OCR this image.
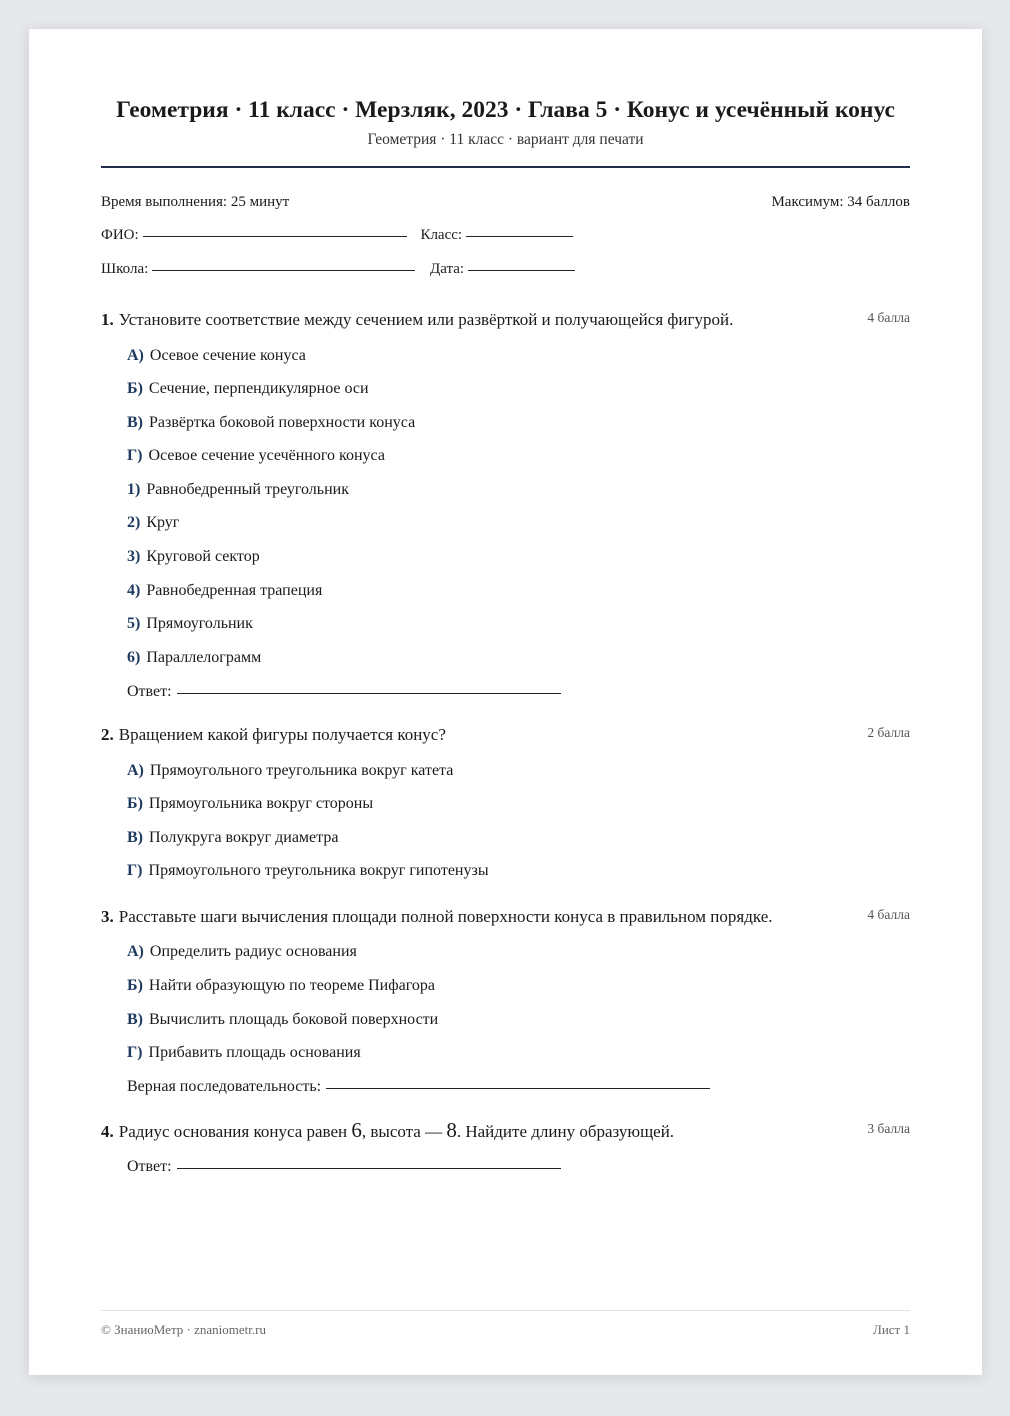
Геометрия · 11 класс · Мерзляк, 2023 · Глава 5 · Конус и усечённый конус
Геометрия · 11 класс · вариант для печати
Время выполнения: 25 минут	Максимум: 34 баллов
ФИО:	Класс:
Школа:	Дата:
1. Установите соответствие между сечением или развёрткой и получающейся фигурой.	4 балла
А) Осевое сечение конуса
Б) Сечение, перпендикулярное оси
В) Развёртка боковой поверхности конуса
Г) Осевое сечение усечённого конуса
1) Равнобедренный треугольник
2) Круг
3) Круговой сектор
4) Равнобедренная трапеция
5) Прямоугольник
6) Параллелограмм
Ответ:
2. Вращением какой фигуры получается конус?	2 балла
А) Прямоугольного треугольника вокруг катета
Б) Прямоугольника вокруг стороны
В) Полукруга вокруг диаметра
Г) Прямоугольного треугольника вокруг гипотенузы
3. Расставьте шаги вычисления площади полной поверхности конуса в правильном порядке.	4 балла
А) Определить радиус основания
Б) Найти образующую по теореме Пифагора
В) Вычислить площадь боковой поверхности
Г) Прибавить площадь основания
Верная последовательность:
4. Радиус основания конуса равен 6, высота — 8. Найдите длину образующей.	3 балла
Ответ:
© ЗнаниоМетр · znaniometr.ru	Лист 1
